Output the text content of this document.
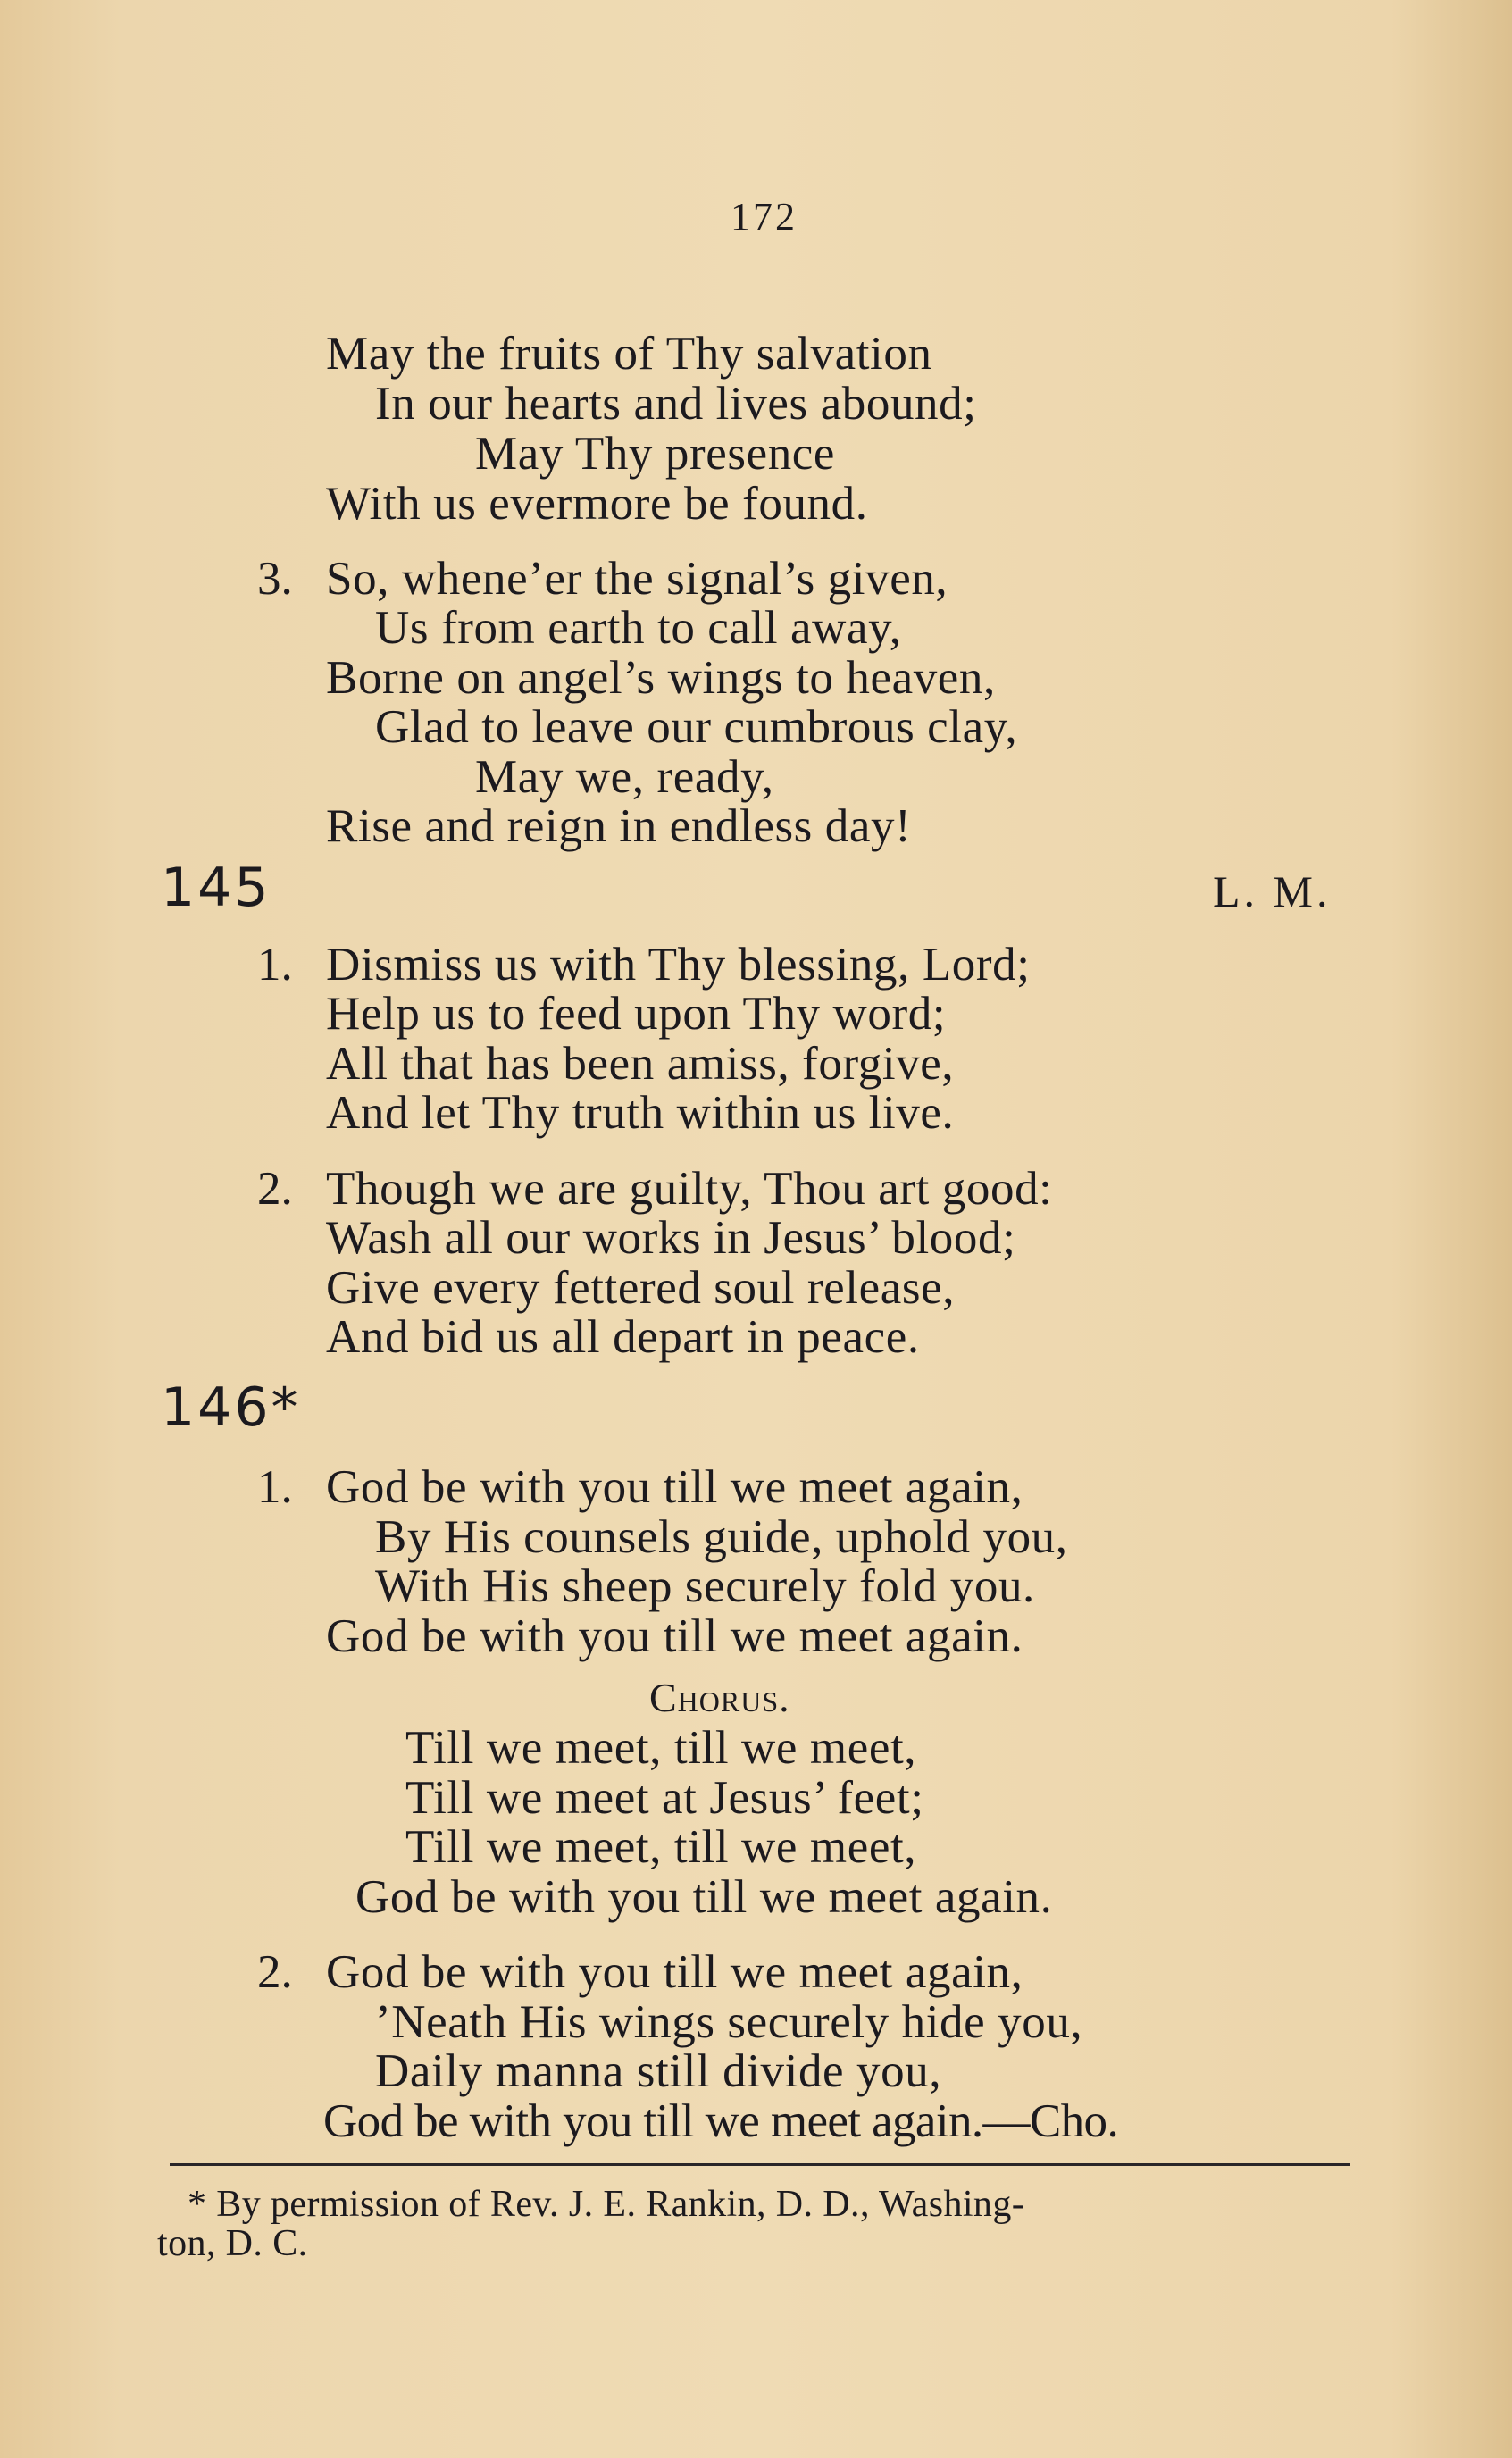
172
May the fruits of Thy salvation
In our hearts and lives abound;
May Thy presence
With us evermore be found.
3. So, whene’er the signal’s given,
Us from earth to call away,
Borne on angel’s wings to heaven,
Glad to leave our cumbrous clay,
May we, ready,
Rise and reign in endless day!
145	L. M.
1. Dismiss us with Thy blessing, Lord;
Help us to feed upon Thy word;
All that has been amiss, forgive,
And let Thy truth within us live.
2. Though we are guilty, Thou art good:
Wash all our works in Jesus’ blood;
Give every fettered soul release,
And bid us all depart in peace.
146*
1. God be with you till we meet again,
By His counsels guide, uphold you,
With His sheep securely fold you.
God be with you till we meet again.
Chorus.
Till we meet, till we meet,
Till we meet at Jesus’ feet;
Till we meet, till we meet,
God be with you till we meet again.
2. God be with you till we meet again,
’Neath His wings securely hide you,
Daily manna still divide you,
God be with you till we meet again.—Cho.
* By permission of Rev. J. E. Rankin, D. D., Washing-
ton, D. C.
